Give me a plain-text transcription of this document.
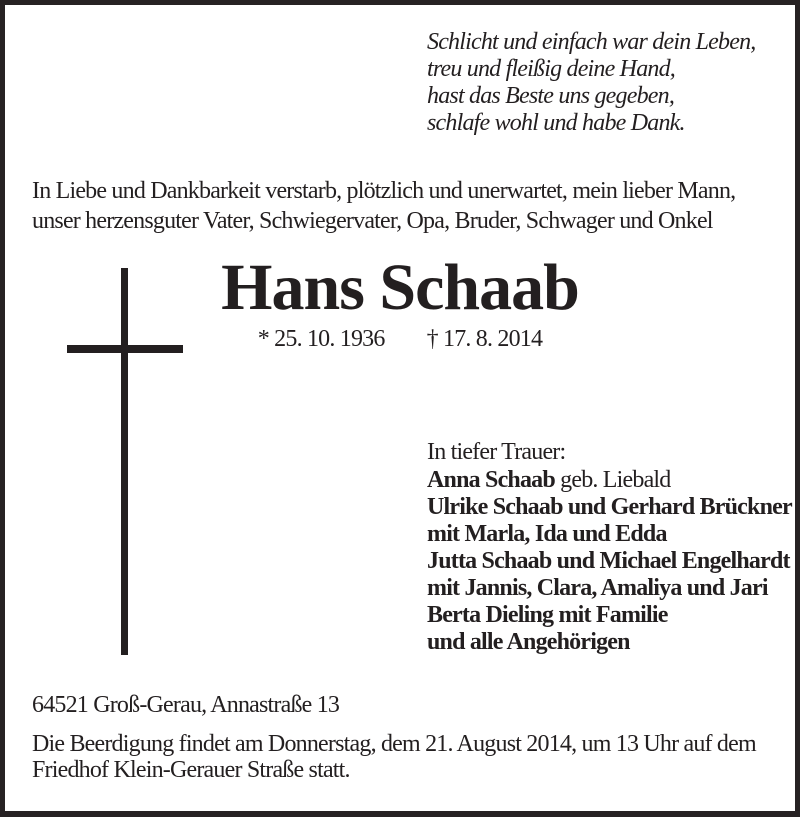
Schlicht und einfach war dein Leben,
treu und fleißig deine Hand,
hast das Beste uns gegeben,
schlafe wohl und habe Dank.
In Liebe und Dankbarkeit verstarb, plötzlich und unerwartet, mein lieber Mann,
unser herzensguter Vater, Schwiegervater, Opa, Bruder, Schwager und Onkel
Hans Schaab
* 25. 10. 1936 † 17. 8. 2014
In tiefer Trauer:
Anna Schaab geb. Liebald
Ulrike Schaab und Gerhard Brückner
mit Marla, Ida und Edda
Jutta Schaab und Michael Engelhardt
mit Jannis, Clara, Amaliya und Jari
Berta Dieling mit Familie
und alle Angehörigen
64521 Groß-Gerau, Annastraße 13
Die Beerdigung findet am Donnerstag, dem 21. August 2014, um 13 Uhr auf dem
Friedhof Klein-Gerauer Straße statt.
